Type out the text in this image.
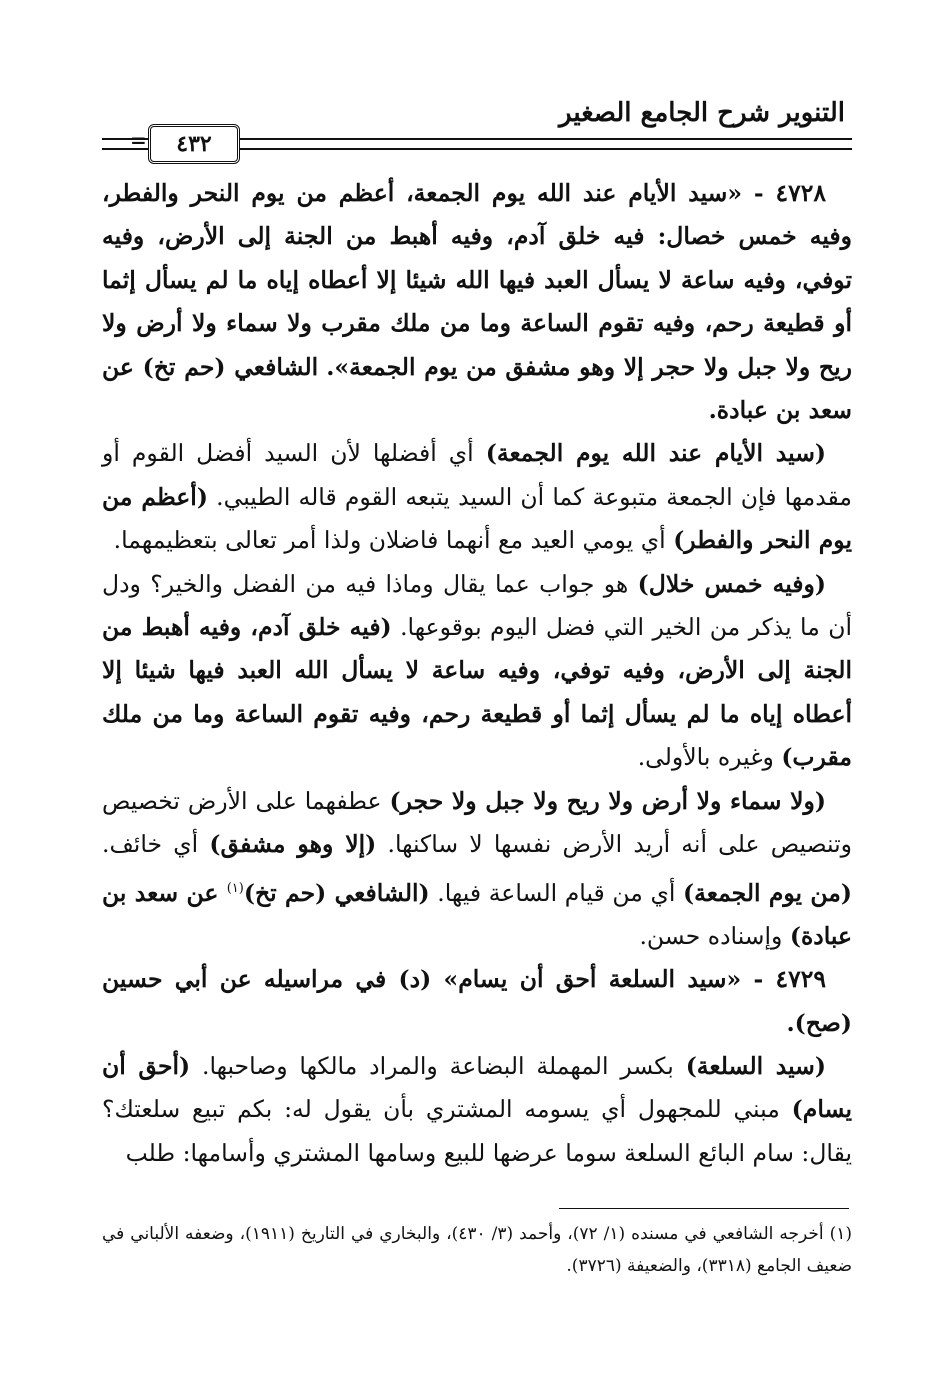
التنوير شرح الجامع الصغير
=	٤٣٢

٤٧٢٨ - «سيد الأيام عند الله يوم الجمعة، أعظم من يوم النحر والفطر، وفيه خمس خصال: فيه خلق آدم، وفيه أهبط من الجنة إلى الأرض، وفيه توفي، وفيه ساعة لا يسأل العبد فيها الله شيئا إلا أعطاه إياه ما لم يسأل إثما أو قطيعة رحم، وفيه تقوم الساعة وما من ملك مقرب ولا سماء ولا أرض ولا ريح ولا جبل ولا حجر إلا وهو مشفق من يوم الجمعة». الشافعي (حم تخ) عن سعد بن عبادة.

(سيد الأيام عند الله يوم الجمعة) أي أفضلها لأن السيد أفضل القوم أو مقدمها فإن الجمعة متبوعة كما أن السيد يتبعه القوم قاله الطيبي. (أعظم من يوم النحر والفطر) أي يومي العيد مع أنهما فاضلان ولذا أمر تعالى بتعظيمهما.

(وفيه خمس خلال) هو جواب عما يقال وماذا فيه من الفضل والخير؟ ودل أن ما يذكر من الخير التي فضل اليوم بوقوعها. (فيه خلق آدم، وفيه أهبط من الجنة إلى الأرض، وفيه توفي، وفيه ساعة لا يسأل الله العبد فيها شيئا إلا أعطاه إياه ما لم يسأل إثما أو قطيعة رحم، وفيه تقوم الساعة وما من ملك مقرب) وغيره بالأولى.

(ولا سماء ولا أرض ولا ريح ولا جبل ولا حجر) عطفهما على الأرض تخصيص وتنصيص على أنه أريد الأرض نفسها لا ساكنها. (إلا وهو مشفق) أي خائف. (من يوم الجمعة) أي من قيام الساعة فيها. (الشافعي (حم تخ)$^{(١)}$ عن سعد بن عبادة) وإسناده حسن.

٤٧٢٩ - «سيد السلعة أحق أن يسام» (د) في مراسيله عن أبي حسين (صح).

(سيد السلعة) بكسر المهملة البضاعة والمراد مالكها وصاحبها. (أحق أن يسام) مبني للمجهول أي يسومه المشتري بأن يقول له: بكم تبيع سلعتك؟ يقال: سام البائع السلعة سوما عرضها للبيع وسامها المشتري وأسامها: طلب

(١) أخرجه الشافعي في مسنده (١/ ٧٢)، وأحمد (٣/ ٤٣٠)، والبخاري في التاريخ (١٩١١)، وضعفه الألباني في ضعيف الجامع (٣٣١٨)، والضعيفة (٣٧٢٦).
